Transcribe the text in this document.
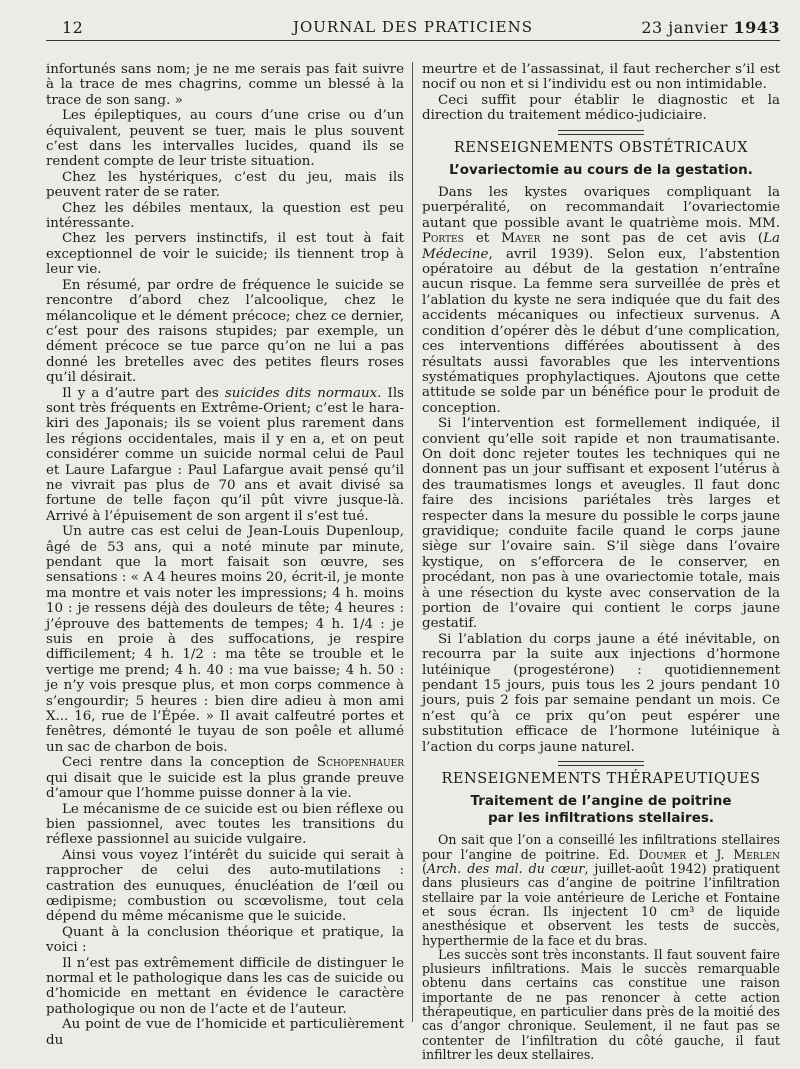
12	JOURNAL DES PRATICIENS	23 janvier 1943

infortunés sans nom; je ne me serais pas fait suivre à la trace de mes chagrins, comme un blessé à la trace de son sang. »

Les épileptiques, au cours d’une crise ou d’un équivalent, peuvent se tuer, mais le plus souvent c’est dans les intervalles lucides, quand ils se rendent compte de leur triste situation.

Chez les hystériques, c’est du jeu, mais ils peuvent rater de se rater.

Chez les débiles mentaux, la question est peu intéressante.

Chez les pervers instinctifs, il est tout à fait exceptionnel de voir le suicide; ils tiennent trop à leur vie.

En résumé, par ordre de fréquence le suicide se rencontre d’abord chez l’alcoolique, chez le mélancolique et le dément précoce; chez ce dernier, c’est pour des raisons stupides; par exemple, un dément précoce se tue parce qu’on ne lui a pas donné les bretelles avec des petites fleurs roses qu’il désirait.

Il y a d’autre part des suicides dits normaux. Ils sont très fréquents en Extrême-Orient; c’est le hara-kiri des Japonais; ils se voient plus rarement dans les régions occidentales, mais il y en a, et on peut considérer comme un suicide normal celui de Paul et Laure Lafargue : Paul Lafargue avait pensé qu’il ne vivrait pas plus de 70 ans et avait divisé sa fortune de telle façon qu’il pût vivre jusque-là. Arrivé à l’épuisement de son argent il s’est tué.

Un autre cas est celui de Jean-Louis Dupenloup, âgé de 53 ans, qui a noté minute par minute, pendant que la mort faisait son œuvre, ses sensations : « A 4 heures moins 20, écrit-il, je monte ma montre et vais noter les impressions; 4 h. moins 10 : je ressens déjà des douleurs de tête; 4 heures : j’éprouve des battements de tempes; 4 h. 1/4 : je suis en proie à des suffocations, je respire difficilement; 4 h. 1/2 : ma tête se trouble et le vertige me prend; 4 h. 40 : ma vue baisse; 4 h. 50 : je n’y vois presque plus, et mon corps commence à s’engourdir; 5 heures : bien dire adieu à mon ami X... 16, rue de l’Épée. » Il avait calfeutré portes et fenêtres, démonté le tuyau de son poêle et allumé un sac de charbon de bois.

Ceci rentre dans la conception de Schopenhauer qui disait que le suicide est la plus grande preuve d’amour que l’homme puisse donner à la vie.

Le mécanisme de ce suicide est ou bien réflexe ou bien passionnel, avec toutes les transitions du réflexe passionnel au suicide vulgaire.

Ainsi vous voyez l’intérêt du suicide qui serait à rapprocher de celui des auto-mutilations : castration des eunuques, énucléation de l’œil ou œdipisme; combustion ou scœvolisme, tout cela dépend du même mécanisme que le suicide.

Quant à la conclusion théorique et pratique, la voici :

Il n’est pas extrêmement difficile de distinguer le normal et le pathologique dans les cas de suicide ou d’homicide en mettant en évidence le caractère pathologique ou non de l’acte et de l’auteur.

Au point de vue de l’homicide et particulièrement du

meurtre et de l’assassinat, il faut rechercher s’il est nocif ou non et si l’individu est ou non intimidable.

Ceci suffit pour établir le diagnostic et la direction du traitement médico-judiciaire.

RENSEIGNEMENTS OBSTÉTRICAUX
L’ovariectomie au cours de la gestation.

Dans les kystes ovariques compliquant la puerpéralité, on recommandait l’ovariectomie autant que possible avant le quatrième mois. MM. Portes et Mayer ne sont pas de cet avis (La Médecine, avril 1939). Selon eux, l’abstention opératoire au début de la gestation n’entraîne aucun risque. La femme sera surveillée de près et l’ablation du kyste ne sera indiquée que du fait des accidents mécaniques ou infectieux survenus. A condition d’opérer dès le début d’une complication, ces interventions différées aboutissent à des résultats aussi favorables que les interventions systématiques prophylactiques. Ajoutons que cette attitude se solde par un bénéfice pour le produit de conception.

Si l’intervention est formellement indiquée, il convient qu’elle soit rapide et non traumatisante. On doit donc rejeter toutes les techniques qui ne donnent pas un jour suffisant et exposent l’utérus à des traumatismes longs et aveugles. Il faut donc faire des incisions pariétales très larges et respecter dans la mesure du possible le corps jaune gravidique; conduite facile quand le corps jaune siège sur l’ovaire sain. S’il siège dans l’ovaire kystique, on s’efforcera de le conserver, en procédant, non pas à une ovariectomie totale, mais à une résection du kyste avec conservation de la portion de l’ovaire qui contient le corps jaune gestatif.

Si l’ablation du corps jaune a été inévitable, on recourra par la suite aux injections d’hormone lutéinique (progestérone) : quotidiennement pendant 15 jours, puis tous les 2 jours pendant 10 jours, puis 2 fois par semaine pendant un mois. Ce n’est qu’à ce prix qu’on peut espérer une substitution efficace de l’hormone lutéinique à l’action du corps jaune naturel.

RENSEIGNEMENTS THÉRAPEUTIQUES
Traitement de l’angine de poitrine
par les infiltrations stellaires.

On sait que l’on a conseillé les infiltrations stellaires pour l’angine de poitrine. Ed. Doumer et J. Merlen (Arch. des mal. du cœur, juillet-août 1942) pratiquent dans plusieurs cas d’angine de poitrine l’infiltration stellaire par la voie antérieure de Leriche et Fontaine et sous écran. Ils injectent 10 cm³ de liquide anesthésique et observent les tests de succès, hyperthermie de la face et du bras.

Les succès sont très inconstants. Il faut souvent faire plusieurs infiltrations. Mais le succès remarquable obtenu dans certains cas constitue une raison importante de ne pas renoncer à cette action thérapeutique, en particulier dans près de la moitié des cas d’angor chronique. Seulement, il ne faut pas se contenter de l’infiltration du côté gauche, il faut infiltrer les deux stellaires.
